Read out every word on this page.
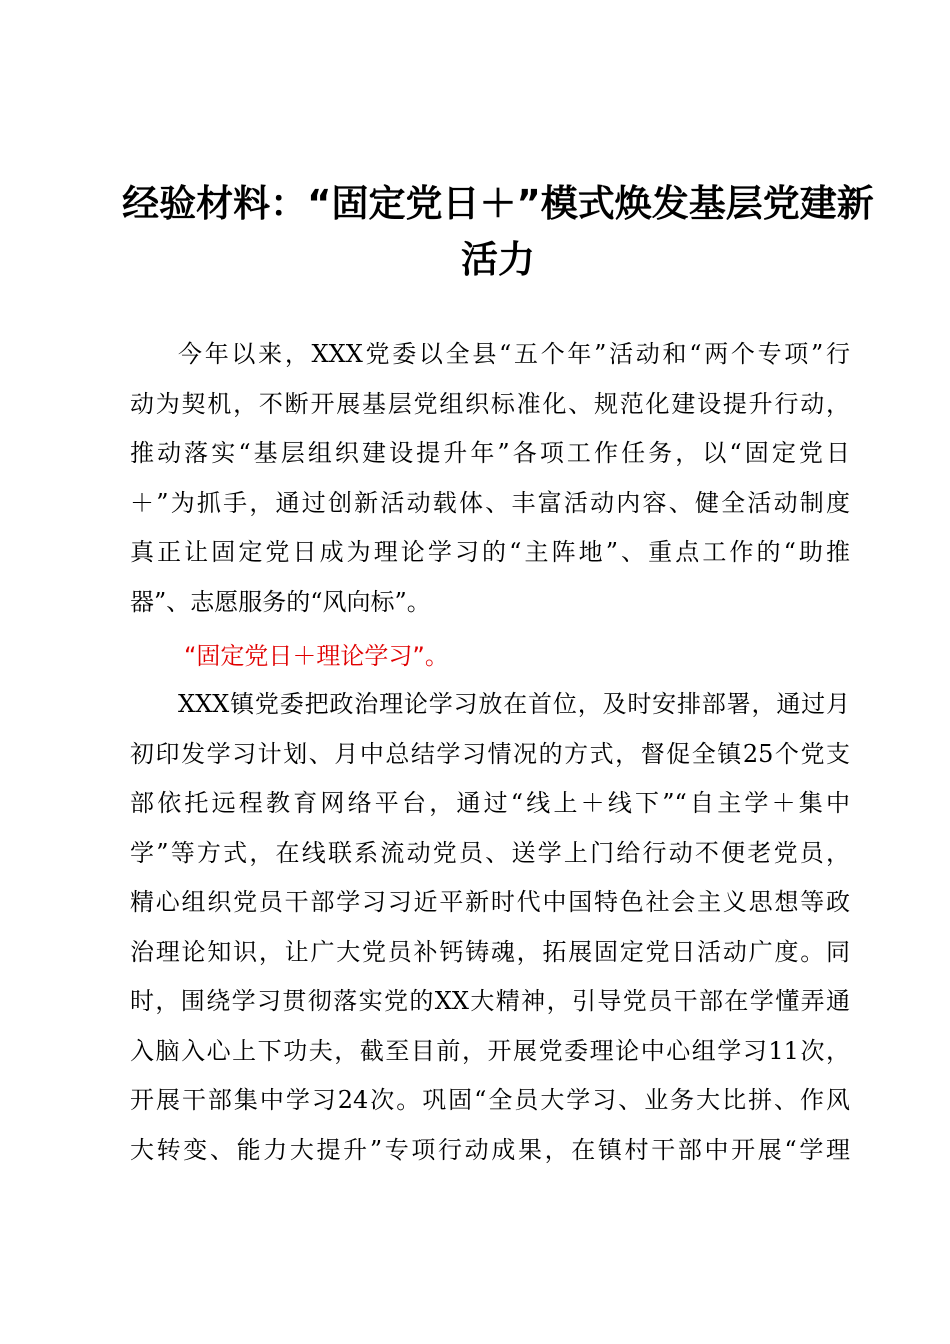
经验材料：“固定党日＋”模式焕发基层党建新
活力
今年以来，XXX党委以全县“五个年”活动和“两个专项”行
动为契机，不断开展基层党组织标准化、规范化建设提升行动，
推动落实“基层组织建设提升年”各项工作任务，以“固定党日
＋”为抓手，通过创新活动载体、丰富活动内容、健全活动制度
真正让固定党日成为理论学习的“主阵地”、重点工作的“助推
器”、志愿服务的“风向标”。
“固定党日＋理论学习”。
XXX镇党委把政治理论学习放在首位，及时安排部署，通过月
初印发学习计划、月中总结学习情况的方式，督促全镇25个党支
部依托远程教育网络平台，通过“线上＋线下”“自主学＋集中
学”等方式，在线联系流动党员、送学上门给行动不便老党员，
精心组织党员干部学习习近平新时代中国特色社会主义思想等政
治理论知识，让广大党员补钙铸魂，拓展固定党日活动广度。同
时，围绕学习贯彻落实党的XX大精神，引导党员干部在学懂弄通
入脑入心上下功夫，截至目前，开展党委理论中心组学习11次，
开展干部集中学习24次。巩固“全员大学习、业务大比拼、作风
大转变、能力大提升”专项行动成果，在镇村干部中开展“学理
